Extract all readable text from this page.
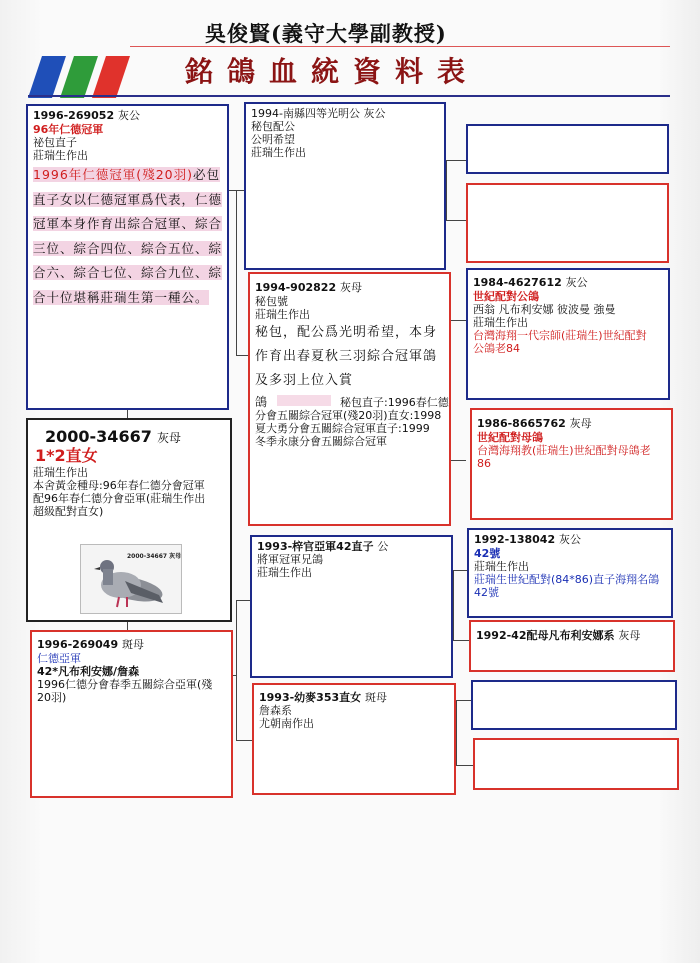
吳俊賢(義守大學副教授)
銘鴿血統資料表
1996-269052 灰公
96年仁德冠軍
祕包直子
莊瑞生作出
1996年仁德冠軍(殘20羽)必包直子女以仁德冠軍爲代表，仁德冠軍本身作育出綜合冠軍、綜合三位、綜合四位、綜合五位、綜合六、綜合七位、綜合九位、綜合十位堪稱莊瑞生第一種公。
2000-34667 灰母
1*2直女
莊瑞生作出
本舍黃金種母:96年春仁德分會冠軍
配96年春仁德分會亞軍(莊瑞生作出
超級配對直女)
2000-34667 灰母
1996-269049 斑母
仁德亞軍
42*凡布利安娜/詹森
1996仁德分會春季五關綜合亞軍(殘
20羽)
1994-南縣四等光明公 灰公
秘包配公
公明希望
莊瑞生作出
1994-902822 灰母
秘包號
莊瑞生作出
秘包，配公爲光明希望，本身作育出春夏秋三羽綜合冠軍鴿及多羽上位入賞
鴿	秘包直子:1996春仁德
分會五關綜合冠軍(殘20羽)直女:1998
夏大勇分會五關綜合冠軍直子:1999
冬季永康分會五關綜合冠軍
1993-梓官亞軍42直子 公
將軍冠軍兄鴿
莊瑞生作出
1993-幼麥353直女 斑母
詹森系
尤朝南作出
1984-4627612 灰公
世紀配對公鴿
西翁 凡布利安娜 彼波曼 強曼
莊瑞生作出
台灣海翔一代宗師(莊瑞生)世紀配對
公鴿老84
1986-8665762 灰母
世紀配對母鴿
台灣海翔教(莊瑞生)世紀配對母鴿老
86
1992-138042 灰公
42號
莊瑞生作出
莊瑞生世紀配對(84*86)直子海翔名鴿
42號
1992-42配母凡布利安娜系 灰母
